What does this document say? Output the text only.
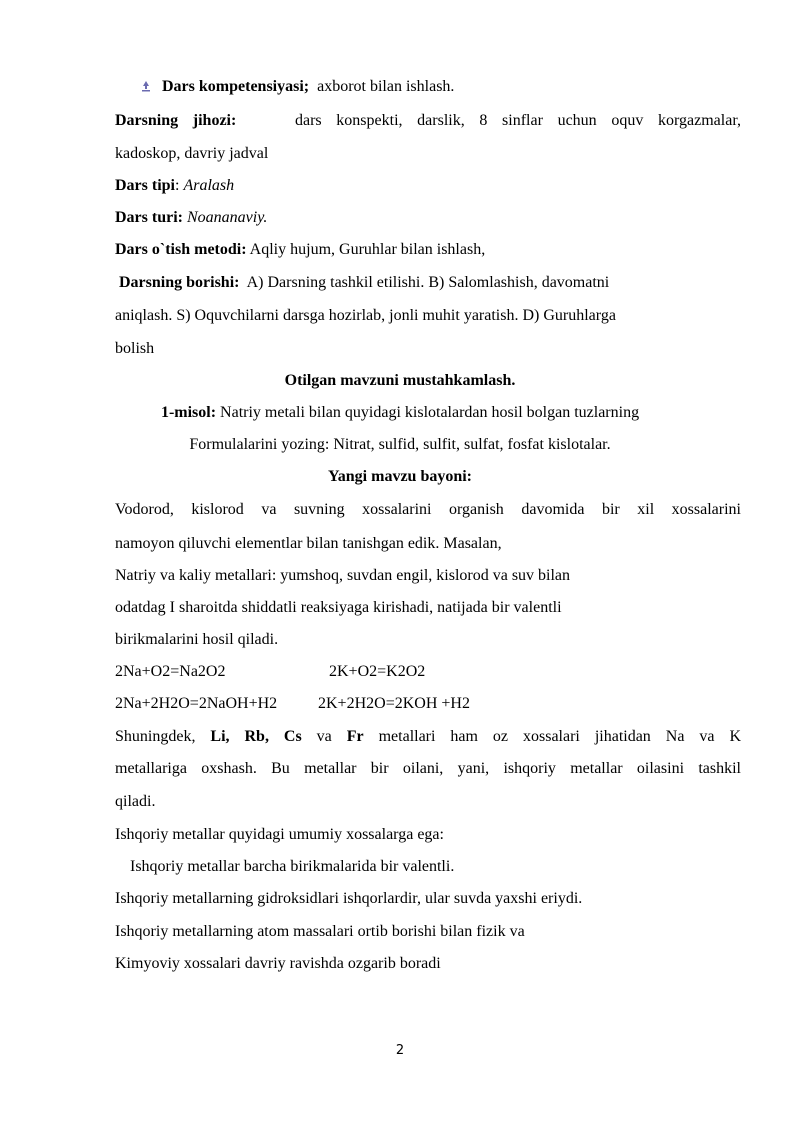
Dars kompetensiyasi; axborot bilan ishlash.
Darsning jihozi:	dars konspekti, darslik, 8 sinflar uchun oquv korgazmalar,
kadoskop, davriy jadval
Dars tipi: Aralash
Dars turi: Noananaviy.
Dars o`tish metodi: Aqliy hujum, Guruhlar bilan ishlash,
Darsning borishi: A) Darsning tashkil etilishi. B) Salomlashish, davomatni
aniqlash. S) Oquvchilarni darsga hozirlab, jonli muhit yaratish. D) Guruhlarga
bolish
Otilgan mavzuni mustahkamlash.
1-misol: Natriy metali bilan quyidagi kislotalardan hosil bolgan tuzlarning
Formulalarini yozing: Nitrat, sulfid, sulfit, sulfat, fosfat kislotalar.
Yangi mavzu bayoni:
Vodorod, kislorod va suvning xossalarini organish davomida bir xil xossalarini
namoyon qiluvchi elementlar bilan tanishgan edik. Masalan,
Natriy va kaliy metallari: yumshoq, suvdan engil, kislorod va suv bilan
odatdag I sharoitda shiddatli reaksiyaga kirishadi, natijada bir valentli
birikmalarini hosil qiladi.
2Na+O2=Na2O2	2K+O2=K2O2
2Na+2H2O=2NaOH+H2	2K+2H2O=2KOH +H2
Shuningdek, Li, Rb, Cs va Fr metallari ham oz xossalari jihatidan Na va K
metallariga oxshash. Bu metallar bir oilani, yani, ishqoriy metallar oilasini tashkil
qiladi.
Ishqoriy metallar quyidagi umumiy xossalarga ega:
Ishqoriy metallar barcha birikmalarida bir valentli.
Ishqoriy metallarning gidroksidlari ishqorlardir, ular suvda yaxshi eriydi.
Ishqoriy metallarning atom massalari ortib borishi bilan fizik va
Kimyoviy xossalari davriy ravishda ozgarib boradi
2
